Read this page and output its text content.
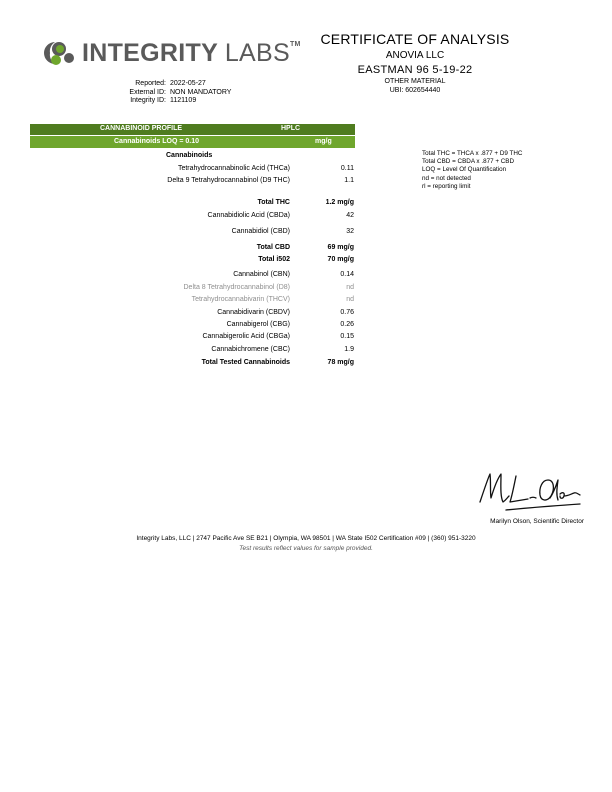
INTEGRITY LABS™	CERTIFICATE OF ANALYSIS
ANOVIA LLC
EASTMAN 96 5-19-22
OTHER MATERIAL
UBI: 602654440
Reported: 2022-05-27
External ID: NON MANDATORY
Integrity ID: 1121109
CANNABINOID PROFILE	HPLC
Cannabinoids LOQ = 0.10	mg/g
Cannabinoids
Tetrahydrocannabinolic Acid (THCa)	0.11
Delta 9 Tetrahydrocannabinol (D9 THC)	1.1
Total THC	1.2 mg/g
Cannabidiolic Acid (CBDa)	42
Cannabidiol (CBD)	32
Total CBD	69 mg/g
Total i502	70 mg/g
Cannabinol (CBN)	0.14
Delta 8 Tetrahydrocannabinol (D8)	nd
Tetrahydrocannabivarin (THCV)	nd
Cannabidivarin (CBDV)	0.76
Cannabigerol (CBG)	0.26
Cannabigerolic Acid (CBGa)	0.15
Cannabichromene (CBC)	1.9
Total Tested Cannabinoids	78 mg/g
Total THC = THCA x .877 + D9 THC
Total CBD = CBDA x .877 + CBD
LOQ = Level Of Quantification
nd = not detected
rl = reporting limit
Marilyn Olson, Scientific Director
Integrity Labs, LLC | 2747 Pacific Ave SE B21 | Olympia, WA 98501 | WA State I502 Certification #09 | (360) 951-3220
Test results reflect values for sample provided.
